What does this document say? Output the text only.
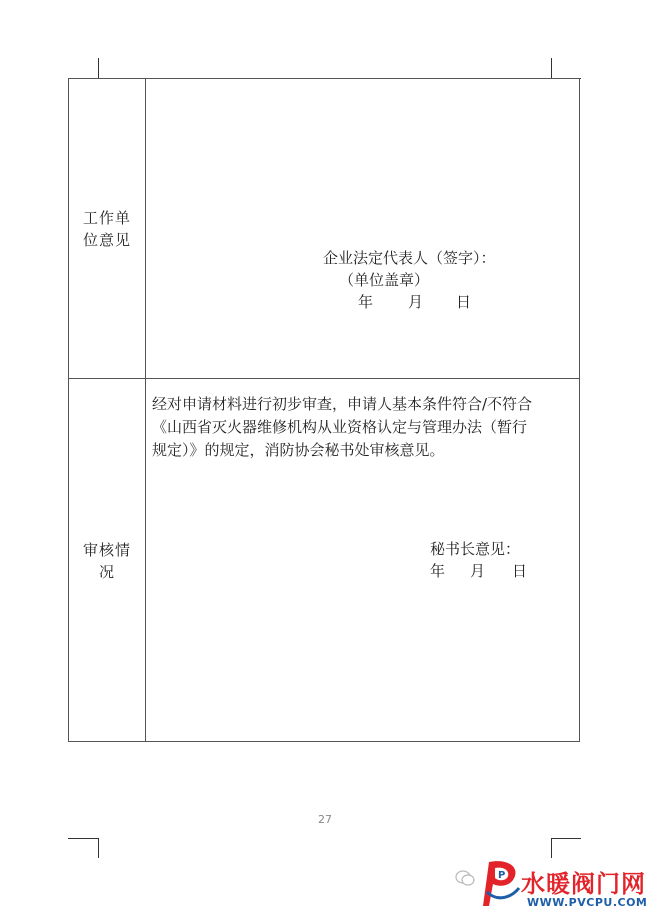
工作单
位意见
企业法定代表人（签字）：
（单位盖章）
年 月 日
审核情
况
经对申请材料进行初步审查，申请人基本条件符合/不符合
《山西省灭火器维修机构从业资格认定与管理办法（暂行
规定）》的规定，消防协会秘书处审核意见。
秘书长意见：
年 月 日
27
P 水暖阀门网
WWW.PVCPU.COM
